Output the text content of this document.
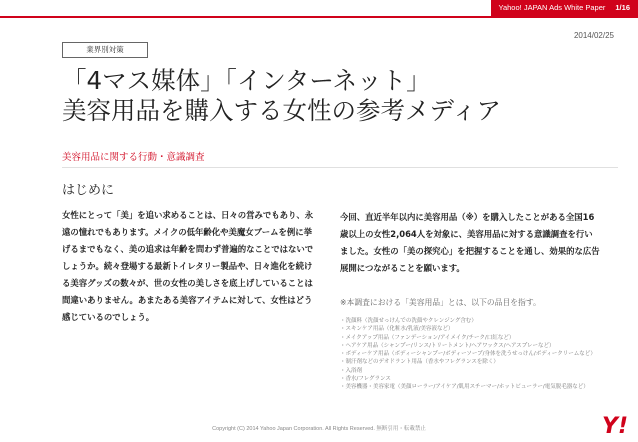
Yahoo! JAPAN Ads White Paper	1/16
2014/02/25
業界別対策
「4マス媒体」「インターネット」
美容用品を購入する女性の参考メディア
美容用品に関する行動・意識調査
はじめに

女性にとって「美」を追い求めることは、日々の営みでもあり、永遠の憧れでもあります。メイクの低年齢化や美魔女ブームを例に挙げるまでもなく、美の追求は年齢を問わず普遍的なことではないでしょうか。続々登場する最新トイレタリー製品や、日々進化を続ける美容グッズの数々が、世の女性の美しさを底上げしていることは間違いありません。あまたある美容アイテムに対して、女性はどう感じているのでしょう。

今回、直近半年以内に美容用品（※）を購入したことがある全国16歳以上の女性2,064人を対象に、美容用品に対する意識調査を行いました。女性の「美の探究心」を把握することを通し、効果的な広告展開につながることを願います。

※本調査における「美容用品」とは、以下の品目を指す。

・洗顔料（洗顔せっけんでの洗顔やクレンジング含む）
・スキンケア用品（化粧水/乳液/美容液など）
・メイクアップ用品（ファンデーション/アイメイク/チーク/口紅など）
・ヘアケア用品（シャンプー/リンス/トリートメント/ヘアワックス/ヘアスプレーなど）
・ボディーケア用品（ボディーシャンプー/ボディーソープ/身体を洗うせっけん/ボディークリームなど）
・制汗剤などのデオドラント用品（香水やフレグランスを除く）
・入浴剤
・香水/フレグランス
・美容機器・美容家電（美顔ローラー/アイケア/肌用スチーマー/ホットビューラー/電気脱毛器など）
Copyright (C) 2014 Yahoo Japan Corporation. All Rights Reserved. 無断引用・転載禁止	Y!
